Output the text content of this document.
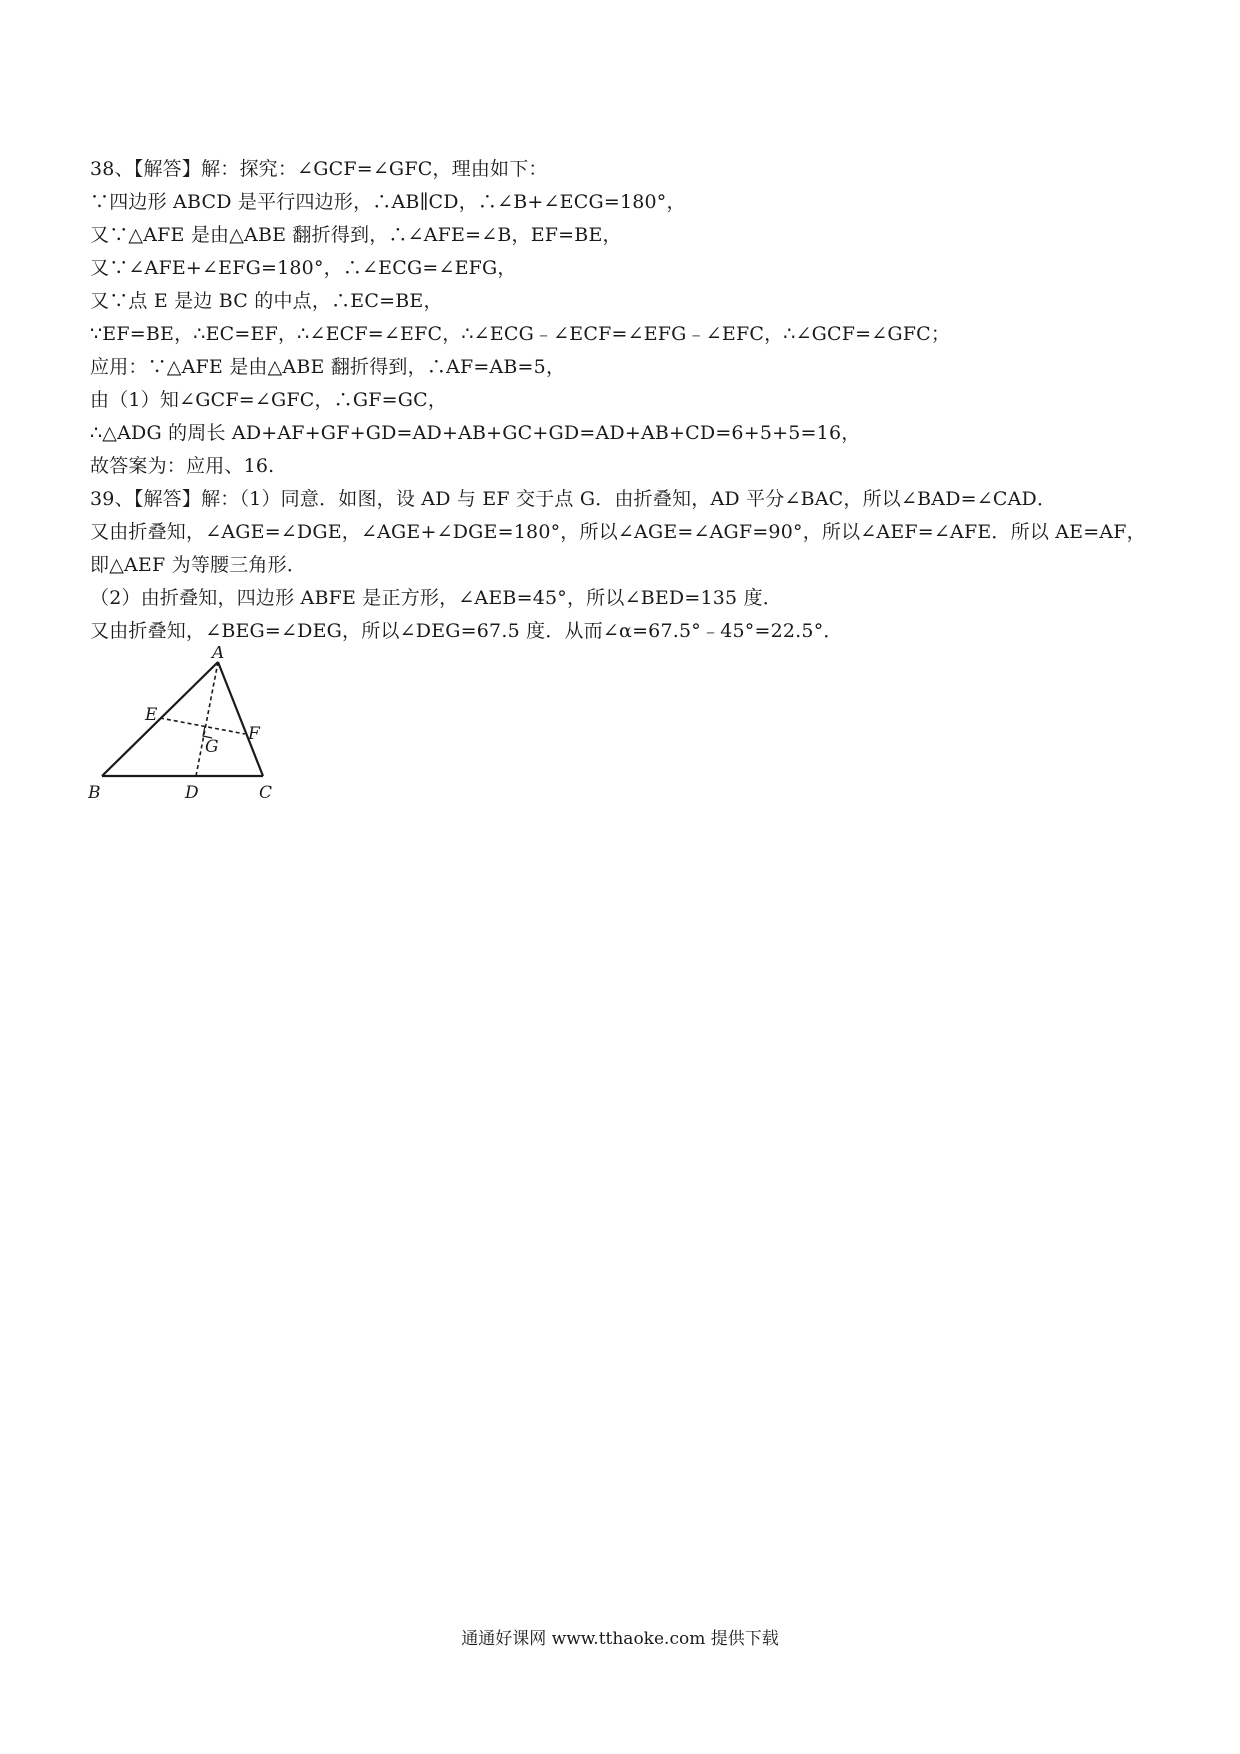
38、【解答】解：探究：∠GCF=∠GFC，理由如下：
∵四边形 ABCD 是平行四边形，∴AB∥CD，∴∠B+∠ECG=180°，
又∵△AFE 是由△ABE 翻折得到，∴∠AFE=∠B，EF=BE，
又∵∠AFE+∠EFG=180°，∴∠ECG=∠EFG，
又∵点 E 是边 BC 的中点，∴EC=BE，
∵EF=BE，∴EC=EF，∴∠ECF=∠EFC，∴∠ECG﹣∠ECF=∠EFG﹣∠EFC，∴∠GCF=∠GFC；
应用：∵△AFE 是由△ABE 翻折得到，∴AF=AB=5，
由（1）知∠GCF=∠GFC，∴GF=GC，
∴△ADG 的周长 AD+AF+GF+GD=AD+AB+GC+GD=AD+AB+CD=6+5+5=16，
故答案为：应用、16.
39、【解答】解：（1）同意．如图，设 AD 与 EF 交于点 G．由折叠知，AD 平分∠BAC，所以∠BAD=∠CAD．
又由折叠知，∠AGE=∠DGE，∠AGE+∠DGE=180°，所以∠AGE=∠AGF=90°，所以∠AEF=∠AFE．所以 AE=AF，
即△AEF 为等腰三角形．
（2）由折叠知，四边形 ABFE 是正方形，∠AEB=45°，所以∠BED=135 度．
又由折叠知，∠BEG=∠DEG，所以∠DEG=67.5 度．从而∠α=67.5°﹣45°=22.5°．
A
B	C
D
E
F
G
通通好课网 www.tthaoke.com 提供下载
